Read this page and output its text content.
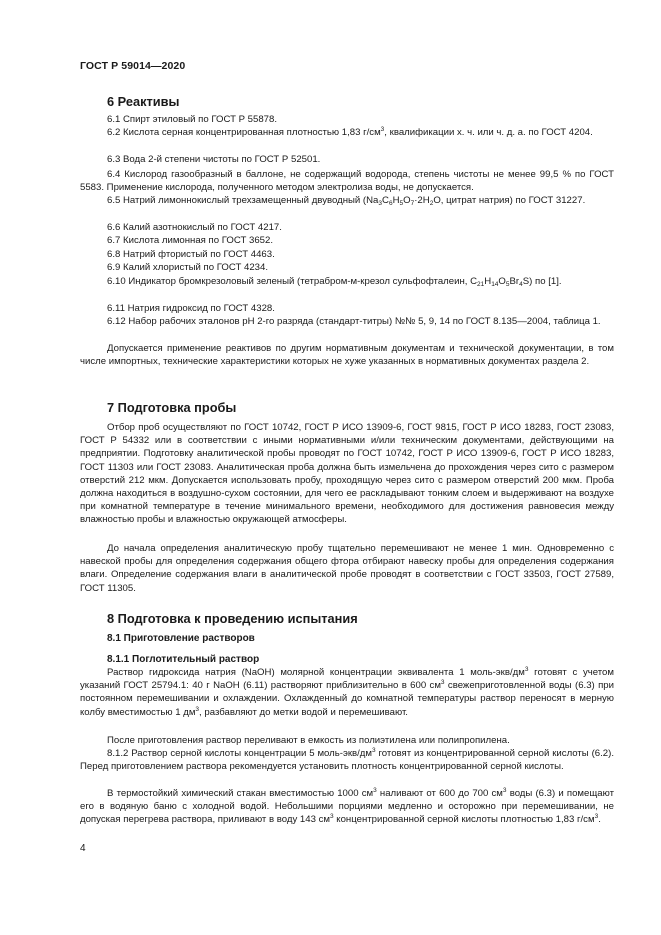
ГОСТ Р 59014—2020
6 Реактивы
6.1 Спирт этиловый по ГОСТ Р 55878.
6.2 Кислота серная концентрированная плотностью 1,83 $г/см^3$, квалификации х. ч. или ч. д. а. по ГОСТ 4204.
6.3 Вода 2-й степени чистоты по ГОСТ Р 52501.
6.4 Кислород газообразный в баллоне, не содержащий водорода, степень чистоты не менее 99,5 % по ГОСТ 5583. Применение кислорода, полученного методом электролиза воды, не допускается.
6.5 Натрий лимоннокислый трехзамещенный двуводный ($Na_3C_6H_5O_7\cdot 2H_2O$, цитрат натрия) по ГОСТ 31227.
6.6 Калий азотнокислый по ГОСТ 4217.
6.7 Кислота лимонная по ГОСТ 3652.
6.8 Натрий фтористый по ГОСТ 4463.
6.9 Калий хлористый по ГОСТ 4234.
6.10 Индикатор бромкрезоловый зеленый (тетрабром-м-крезол сульфофталеин, $C_{21}H_{14}O_5Br_4S$) по [1].
6.11 Натрия гидроксид по ГОСТ 4328.
6.12 Набор рабочих эталонов pH 2-го разряда (стандарт-титры) №№ 5, 9, 14 по ГОСТ 8.135—2004, таблица 1.
Допускается применение реактивов по другим нормативным документам и технической документации, в том числе импортных, технические характеристики которых не хуже указанных в нормативных документах раздела 2.
7 Подготовка пробы
Отбор проб осуществляют по ГОСТ 10742, ГОСТ Р ИСО 13909-6, ГОСТ 9815, ГОСТ Р ИСО 18283, ГОСТ 23083, ГОСТ Р 54332 или в соответствии с иными нормативными и/или техническим документами, действующими на предприятии. Подготовку аналитической пробы проводят по ГОСТ 10742, ГОСТ Р ИСО 13909-6, ГОСТ Р ИСО 18283, ГОСТ 11303 или ГОСТ 23083. Аналитическая проба должна быть измельчена до прохождения через сито с размером отверстий 212 мкм. Допускается использовать пробу, проходящую через сито с размером отверстий 200 мкм. Проба должна находиться в воздушно-сухом состоянии, для чего ее раскладывают тонким слоем и выдерживают на воздухе при комнатной температуре в течение минимального времени, необходимого для достижения равновесия между влажностью пробы и влажностью окружающей атмосферы.
До начала определения аналитическую пробу тщательно перемешивают не менее 1 мин. Одновременно с навеской пробы для определения содержания общего фтора отбирают навеску пробы для определения содержания влаги. Определение содержания влаги в аналитической пробе проводят в соответствии с ГОСТ 33503, ГОСТ 27589, ГОСТ 11305.
8 Подготовка к проведению испытания
8.1 Приготовление растворов
8.1.1 Поглотительный раствор
Раствор гидроксида натрия (NaOH) молярной концентрации эквивалента 1 моль-$экв/дм^3$ готовят с учетом указаний ГОСТ 25794.1: 40 г NaOH (6.11) растворяют приблизительно в 600 $см^3$ свежеприготовленной воды (6.3) при постоянном перемешивании и охлаждении. Охлажденный до комнатной температуры раствор переносят в мерную колбу вместимостью 1 $дм^3$, разбавляют до метки водой и перемешивают.
После приготовления раствор переливают в емкость из полиэтилена или полипропилена.
8.1.2 Раствор серной кислоты концентрации 5 моль-$экв/дм^3$ готовят из концентрированной серной кислоты (6.2). Перед приготовлением раствора рекомендуется установить плотность концентрированной серной кислоты.
В термостойкий химический стакан вместимостью 1000 $см^3$ наливают от 600 до 700 $см^3$ воды (6.3) и помещают его в водяную баню с холодной водой. Небольшими порциями медленно и осторожно при перемешивании, не допуская перегрева раствора, приливают в воду 143 $см^3$ концентрированной серной кислоты плотностью 1,83 $г/см^3$.
4
